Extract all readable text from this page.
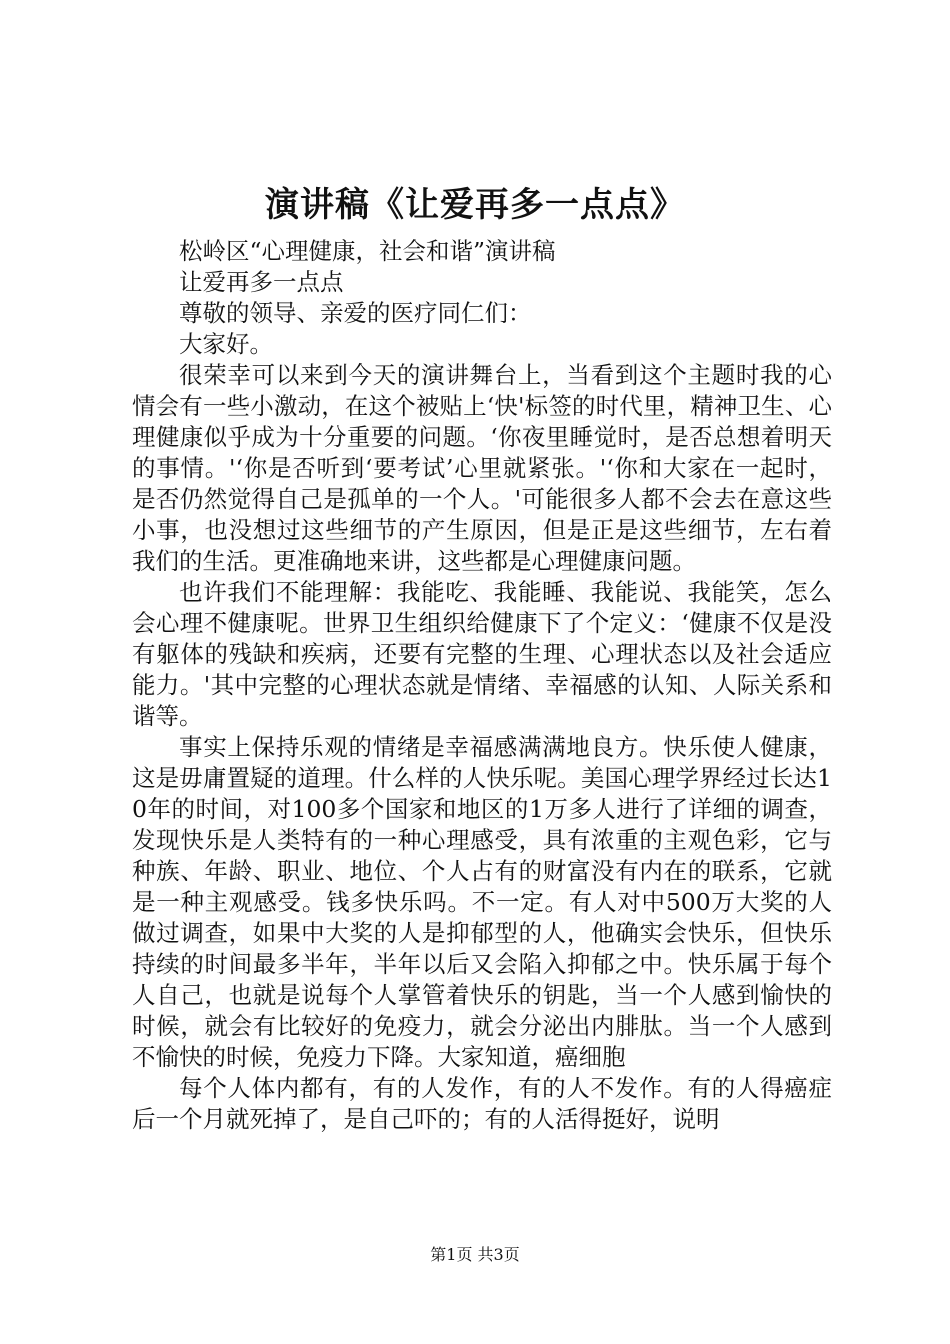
演讲稿《让爱再多一点点》

松岭区“心理健康，社会和谐”演讲稿

让爱再多一点点

尊敬的领导、亲爱的医疗同仁们：

大家好。

很荣幸可以来到今天的演讲舞台上，当看到这个主题时我的心情会有一些小激动，在这个被贴上‘快'标签的时代里，精神卫生、心理健康似乎成为十分重要的问题。‘你夜里睡觉时，是否总想着明天的事情。'‘你是否听到‘要考试’心里就紧张。'‘你和大家在一起时，是否仍然觉得自己是孤单的一个人。'可能很多人都不会去在意这些小事，也没想过这些细节的产生原因，但是正是这些细节，左右着我们的生活。更准确地来讲，这些都是心理健康问题。

也许我们不能理解：我能吃、我能睡、我能说、我能笑，怎么会心理不健康呢。世界卫生组织给健康下了个定义：‘健康不仅是没有躯体的残缺和疾病，还要有完整的生理、心理状态以及社会适应能力。'其中完整的心理状态就是情绪、幸福感的认知、人际关系和谐等。

事实上保持乐观的情绪是幸福感满满地良方。快乐使人健康，这是毋庸置疑的道理。什么样的人快乐呢。美国心理学界经过长达10年的时间，对100多个国家和地区的1万多人进行了详细的调查，发现快乐是人类特有的一种心理感受，具有浓重的主观色彩，它与种族、年龄、职业、地位、个人占有的财富没有内在的联系，它就是一种主观感受。钱多快乐吗。不一定。有人对中500万大奖的人做过调查，如果中大奖的人是抑郁型的人，他确实会快乐，但快乐持续的时间最多半年，半年以后又会陷入抑郁之中。快乐属于每个人自己，也就是说每个人掌管着快乐的钥匙，当一个人感到愉快的时候，就会有比较好的免疫力，就会分泌出内腓肽。当一个人感到不愉快的时候，免疫力下降。大家知道，癌细胞

每个人体内都有，有的人发作，有的人不发作。有的人得癌症后一个月就死掉了，是自己吓的；有的人活得挺好，说明

第1页 共3页
